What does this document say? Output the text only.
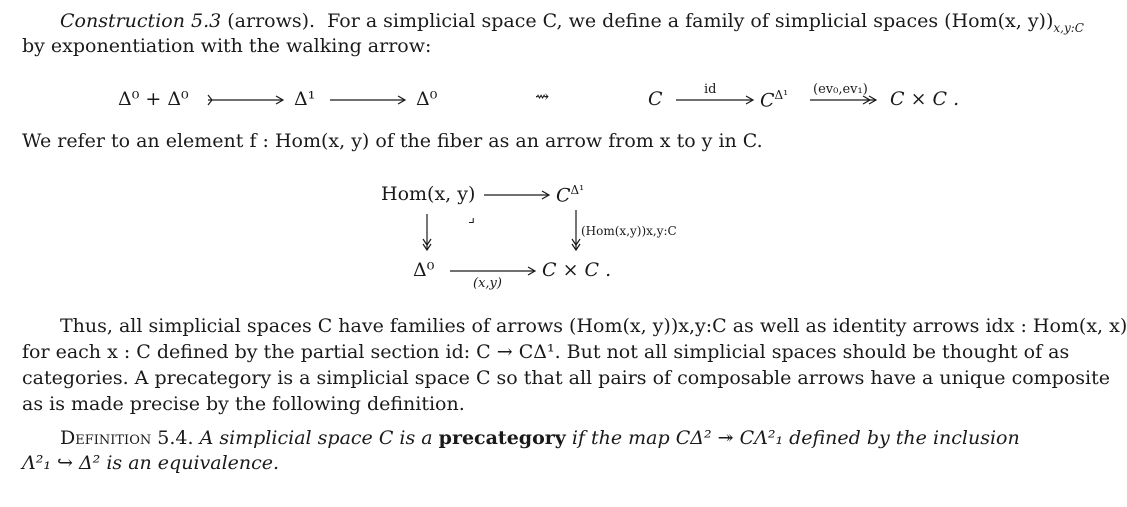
Construction 5.3 (arrows). For a simplicial space C, we define a family of simplicial spaces (Hom(x, $y))_{x,y:C}$
by exponentiation with the walking arrow:
Δ⁰ + Δ⁰	Δ¹	Δ⁰	⇝	C	id $C^{\Delta^1}$ (ev₀,ev₁) C × C .
We refer to an element f : Hom(x, y) of the fiber as an arrow from x to y in C.
Hom(x, y)	$C^{\Delta^1}$
⌟
(Hom(x,y))x,y:C
Δ⁰
(x,y)
C × C .
Thus, all simplicial spaces C have families of arrows (Hom(x, y))x,y:C as well as identity arrows idx : Hom(x, x)
for each x : C defined by the partial section id: C → CΔ¹. But not all simplicial spaces should be thought of as
categories. A precategory is a simplicial space C so that all pairs of composable arrows have a unique composite
as is made precise by the following definition.
Definition 5.4. A simplicial space C is a precategory if the map CΔ² ↠ CΛ²₁ defined by the inclusion
Λ²₁ ↪ Δ² is an equivalence.
